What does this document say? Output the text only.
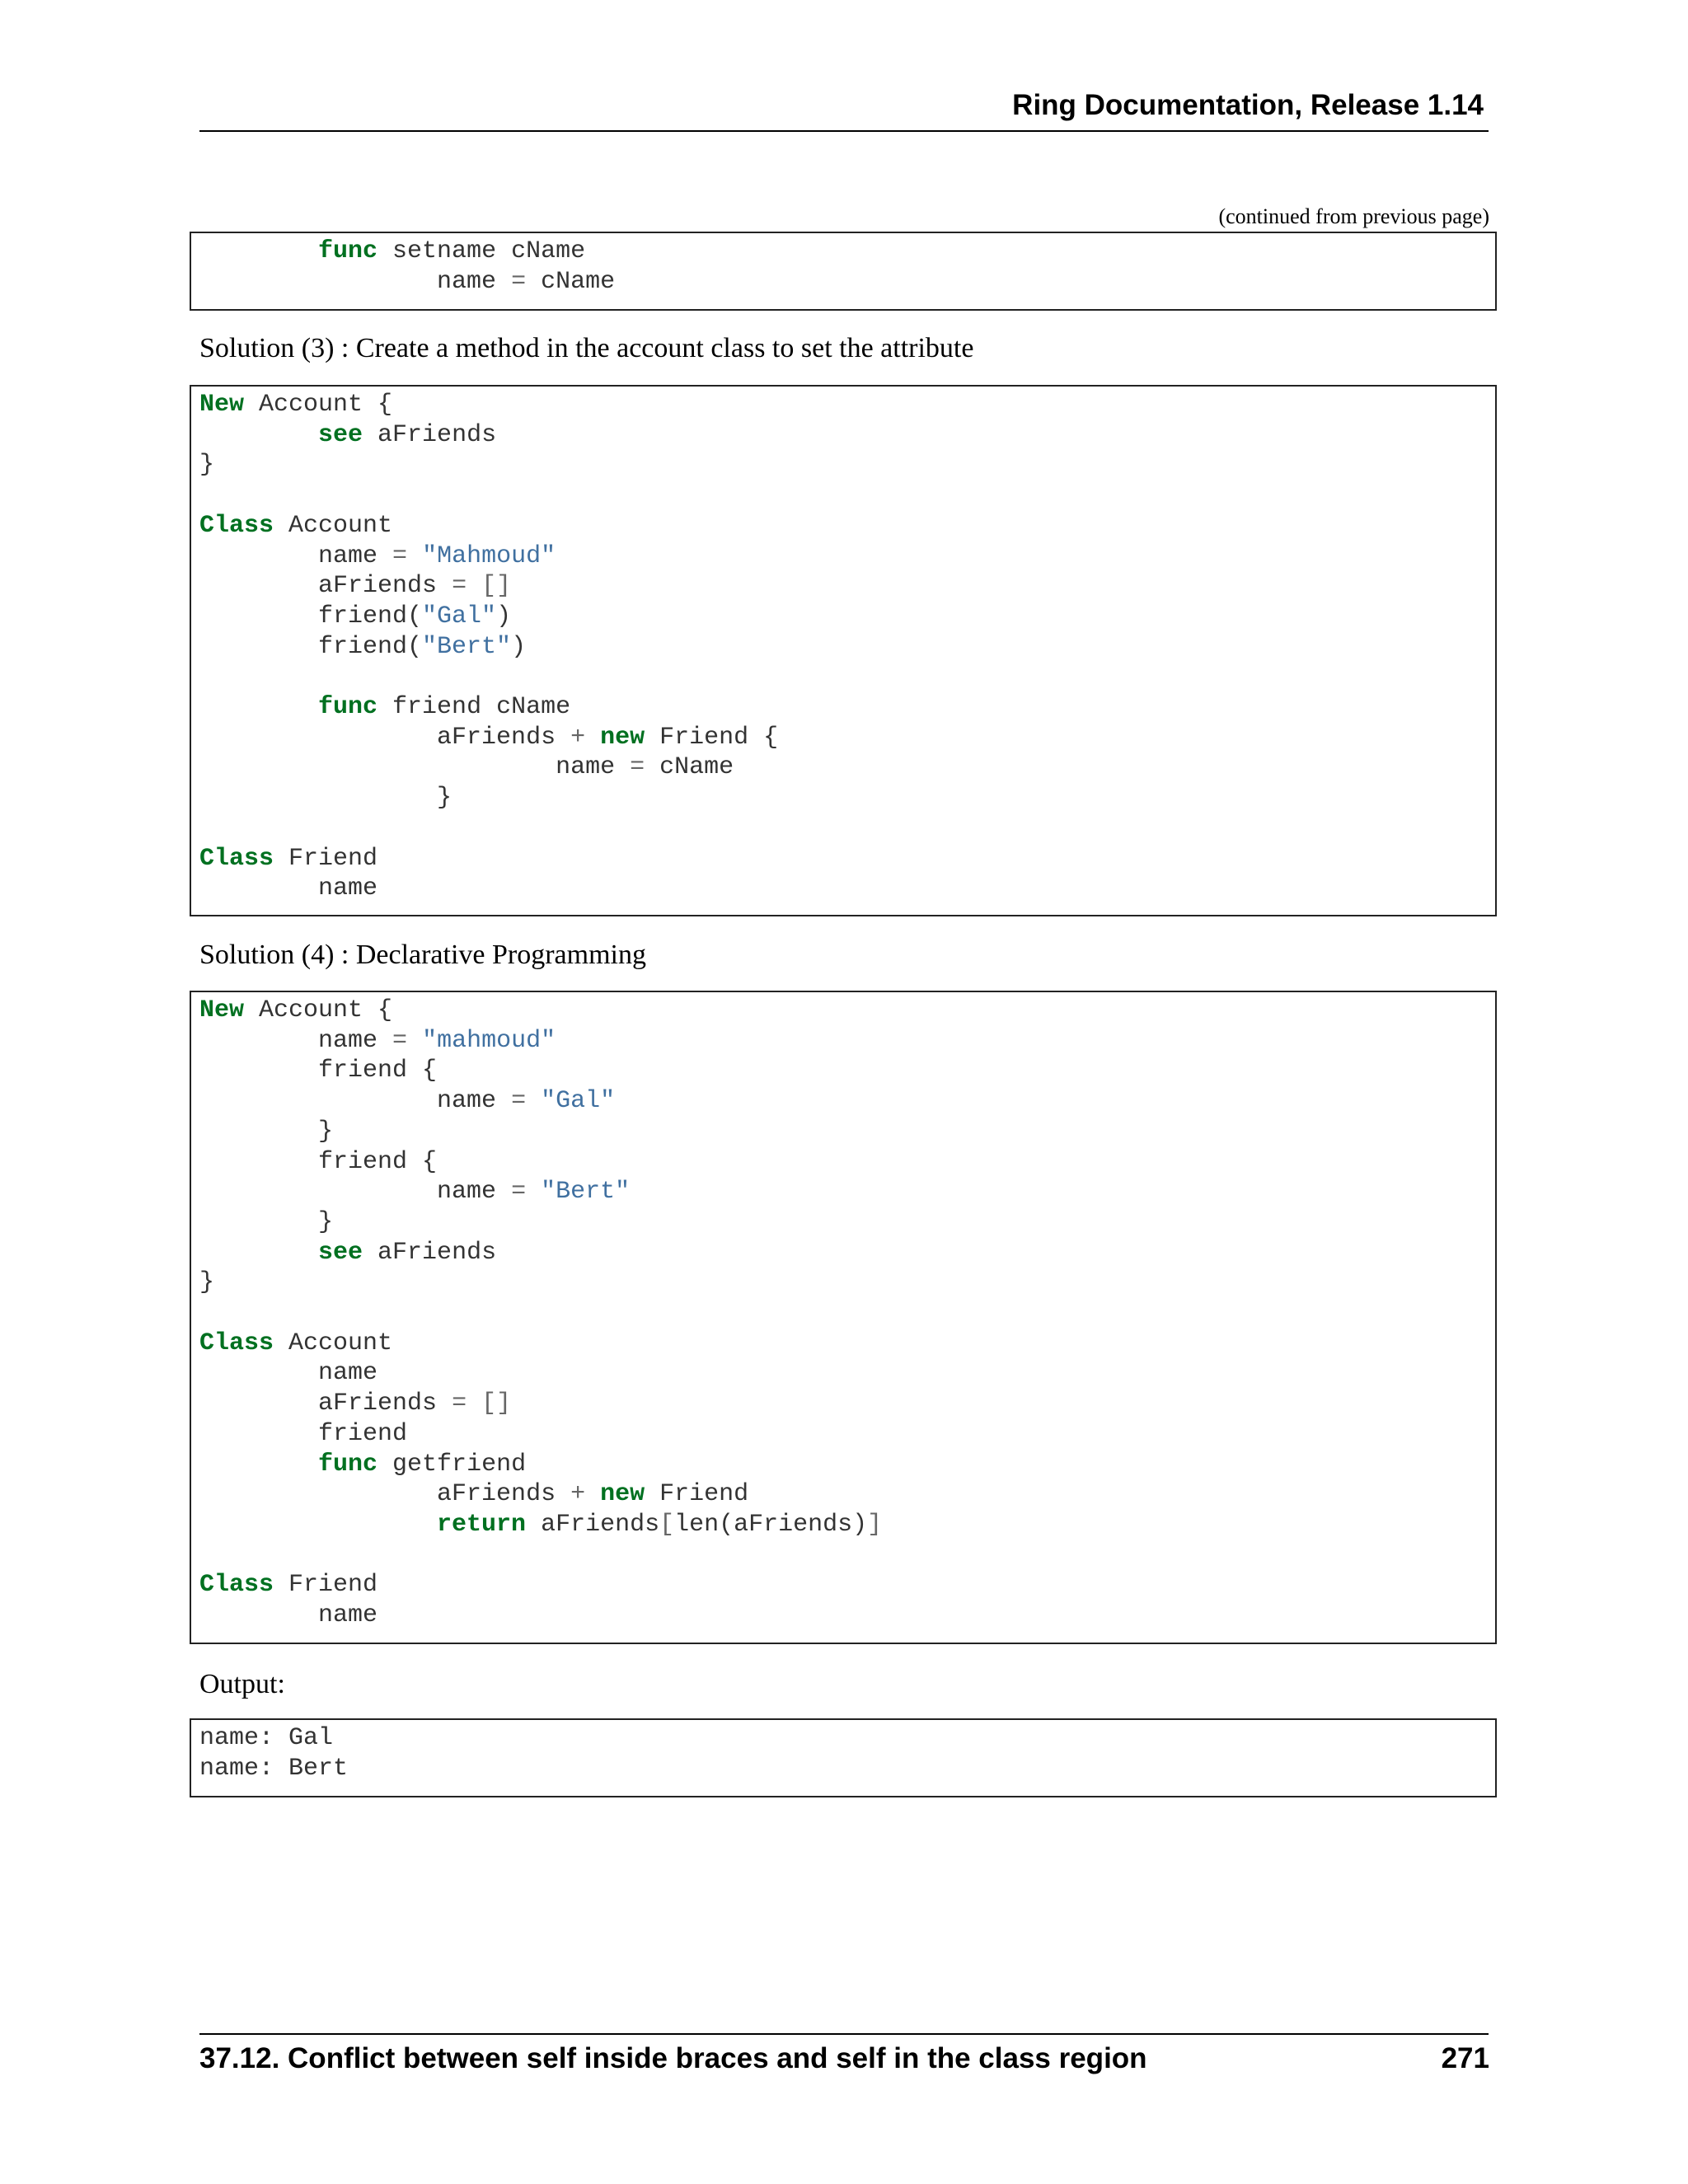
Ring Documentation, Release 1.14
(continued from previous page)
func setname cName
name = cName
Solution (3) : Create a method in the account class to set the attribute
New Account {
see aFriends
}

Class Account
name = "Mahmoud"
aFriends = []
friend("Gal")
friend("Bert")

func friend cName
aFriends + new Friend {
name = cName
}

Class Friend
name
Solution (4) : Declarative Programming
New Account {
name = "mahmoud"
friend {
name = "Gal"
}
friend {
name = "Bert"
}
see aFriends
}

Class Account
name
aFriends = []
friend
func getfriend
aFriends + new Friend
return aFriends[len(aFriends)]

Class Friend
name
Output:
name: Gal
name: Bert
37.12. Conflict between self inside braces and self in the class region	271
